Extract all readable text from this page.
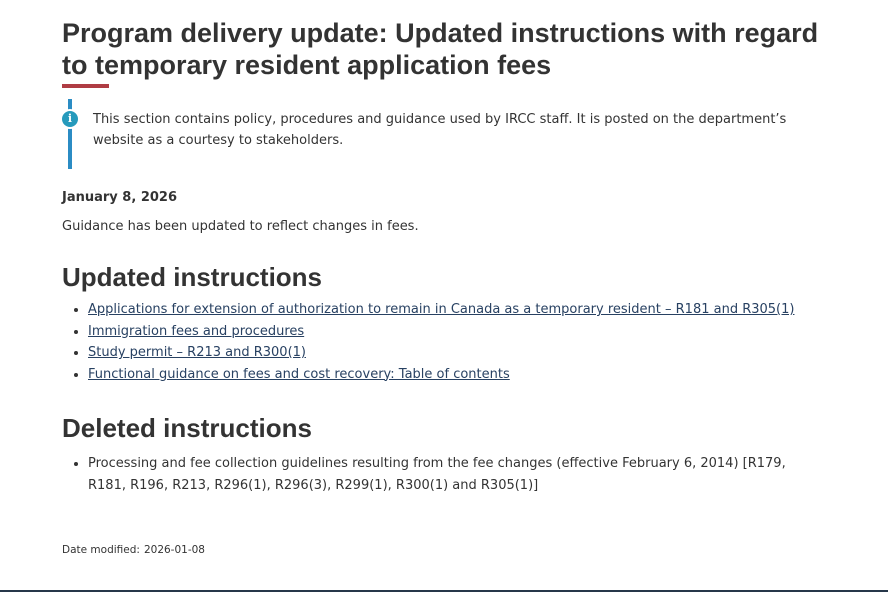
Program delivery update: Updated instructions with regard to temporary resident application fees
i	This section contains policy, procedures and guidance used by IRCC staff. It is posted on the department’s website as a courtesy to stakeholders.

January 8, 2026
Guidance has been updated to reflect changes in fees.
Updated instructions
• Applications for extension of authorization to remain in Canada as a temporary resident – R181 and R305(1)
• Immigration fees and procedures
• Study permit – R213 and R300(1)
• Functional guidance on fees and cost recovery: Table of contents
Deleted instructions
• Processing and fee collection guidelines resulting from the fee changes (effective February 6, 2014) [R179, R181, R196, R213, R296(1), R296(3), R299(1), R300(1) and R305(1)]
Date modified: 2026-01-08
